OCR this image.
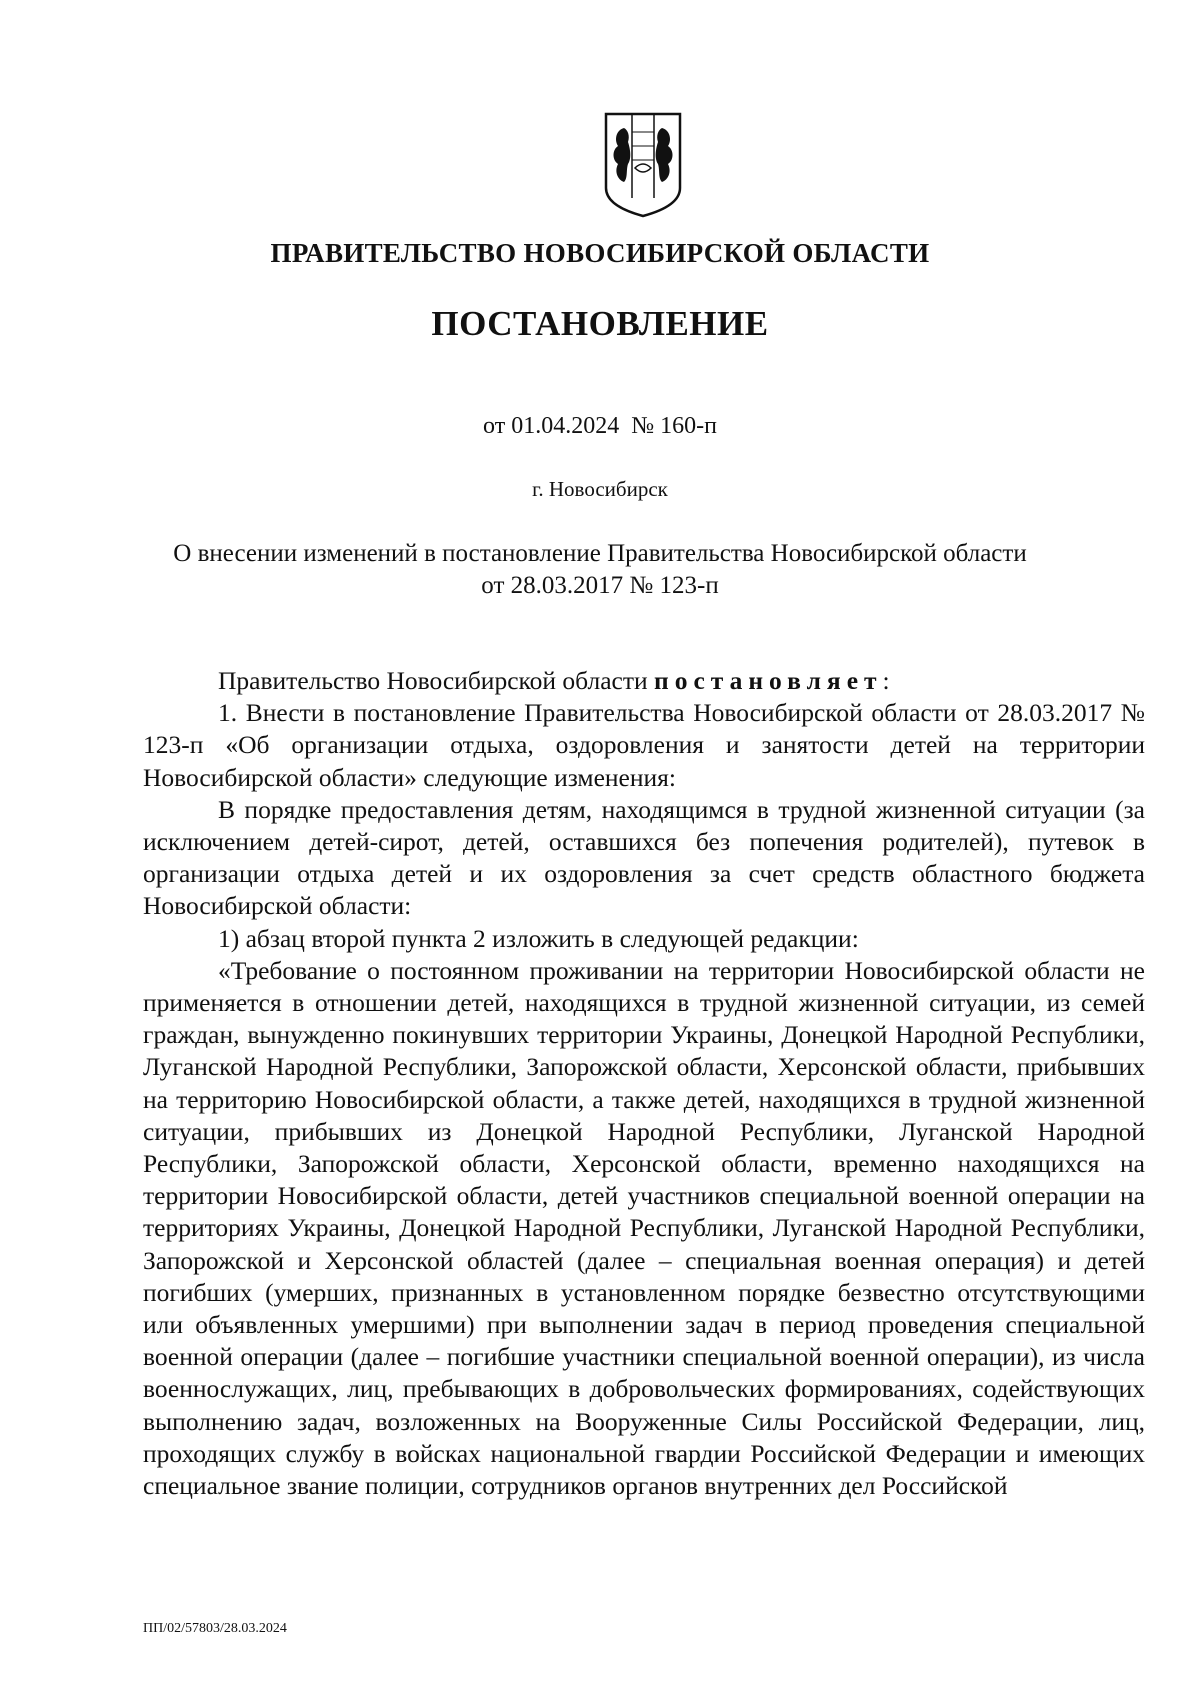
ПРАВИТЕЛЬСТВО НОВОСИБИРСКОЙ ОБЛАСТИ
ПОСТАНОВЛЕНИЕ
от 01.04.2024  № 160-п
г. Новосибирск
О внесении изменений в постановление Правительства Новосибирской области
от 28.03.2017 № 123-п

Правительство Новосибирской области постановляет:

1. Внести в постановление Правительства Новосибирской области от 28.03.2017 № 123-п «Об организации отдыха, оздоровления и занятости детей на территории Новосибирской области» следующие изменения:

В порядке предоставления детям, находящимся в трудной жизненной ситуации (за исключением детей-сирот, детей, оставшихся без попечения родителей), путевок в организации отдыха детей и их оздоровления за счет средств областного бюджета Новосибирской области:

1) абзац второй пункта 2 изложить в следующей редакции:

«Требование о постоянном проживании на территории Новосибирской области не применяется в отношении детей, находящихся в трудной жизненной ситуации, из семей граждан, вынужденно покинувших территории Украины, Донецкой Народной Республики, Луганской Народной Республики, Запорожской области, Херсонской области, прибывших на территорию Новосибирской области, а также детей, находящихся в трудной жизненной ситуации, прибывших из Донецкой Народной Республики, Луганской Народной Республики, Запорожской области, Херсонской области, временно находящихся на территории Новосибирской области, детей участников специальной военной операции на территориях Украины, Донецкой Народной Республики, Луганской Народной Республики, Запорожской и Херсонской областей (далее – специальная военная операция) и детей погибших (умерших, признанных в установленном порядке безвестно отсутствующими или объявленных умершими) при выполнении задач в период проведения специальной военной операции (далее – погибшие участники специальной военной операции), из числа военнослужащих, лиц, пребывающих в добровольческих формированиях, содействующих выполнению задач, возложенных на Вооруженные Силы Российской Федерации, лиц, проходящих службу в войсках национальной гвардии Российской Федерации и имеющих специальное звание полиции, сотрудников органов внутренних дел Российской

ПП/02/57803/28.03.2024
